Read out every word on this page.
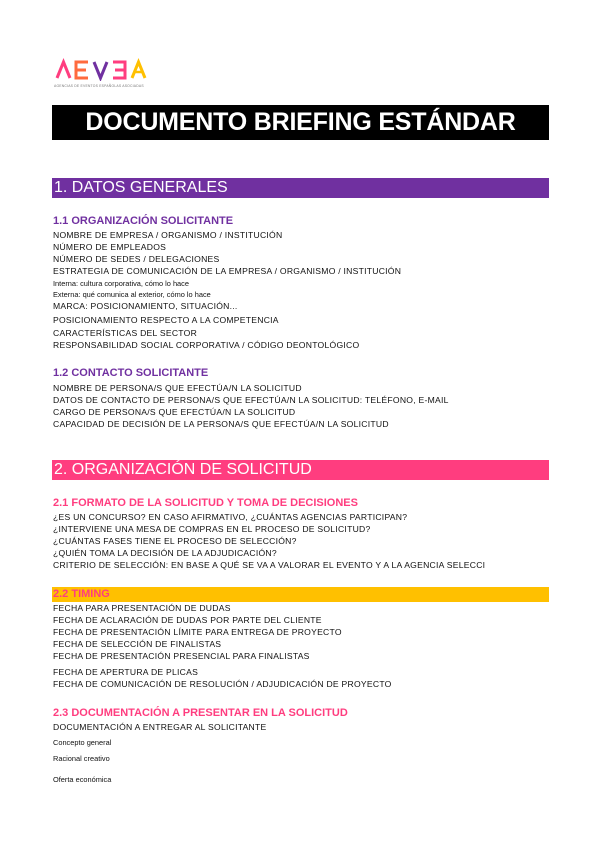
AGENCIAS DE EVENTOS ESPAÑOLAS ASOCIADAS
DOCUMENTO BRIEFING ESTÁNDAR
1. DATOS GENERALES
1.1 ORGANIZACIÓN SOLICITANTE
NOMBRE DE EMPRESA / ORGANISMO / INSTITUCIÓN
NÚMERO DE EMPLEADOS
NÚMERO DE SEDES / DELEGACIONES
ESTRATEGIA DE COMUNICACIÓN DE LA EMPRESA / ORGANISMO / INSTITUCIÓN
Interna: cultura corporativa, cómo lo hace
Externa: qué comunica al exterior, cómo lo hace
MARCA: POSICIONAMIENTO, SITUACIÓN...
POSICIONAMIENTO RESPECTO A LA COMPETENCIA
CARACTERÍSTICAS DEL SECTOR
RESPONSABILIDAD SOCIAL CORPORATIVA / CÓDIGO DEONTOLÓGICO
1.2 CONTACTO SOLICITANTE
NOMBRE DE PERSONA/S QUE EFECTÚA/N LA SOLICITUD
DATOS DE CONTACTO DE PERSONA/S QUE EFECTÚA/N LA SOLICITUD: TELÉFONO, E-MAIL
CARGO DE PERSONA/S QUE EFECTÚA/N LA SOLICITUD
CAPACIDAD DE DECISIÓN DE LA PERSONA/S QUE EFECTÚA/N LA SOLICITUD
2. ORGANIZACIÓN DE SOLICITUD
2.1 FORMATO DE LA SOLICITUD Y TOMA DE DECISIONES
¿ES UN CONCURSO? EN CASO AFIRMATIVO, ¿CUÁNTAS AGENCIAS PARTICIPAN?
¿INTERVIENE UNA MESA DE COMPRAS EN EL PROCESO DE SOLICITUD?
¿CUÁNTAS FASES TIENE EL PROCESO DE SELECCIÓN?
¿QUIÉN TOMA LA DECISIÓN DE LA ADJUDICACIÓN?
CRITERIO DE SELECCIÓN: EN BASE A QUÉ SE VA A VALORAR EL EVENTO Y A LA AGENCIA SELECCI
2.2 TIMING
FECHA PARA PRESENTACIÓN DE DUDAS
FECHA DE ACLARACIÓN DE DUDAS POR PARTE DEL CLIENTE
FECHA DE PRESENTACIÓN LÍMITE PARA ENTREGA DE PROYECTO
FECHA DE SELECCIÓN DE FINALISTAS
FECHA DE PRESENTACIÓN PRESENCIAL PARA FINALISTAS
FECHA DE APERTURA DE PLICAS
FECHA DE COMUNICACIÓN DE RESOLUCIÓN / ADJUDICACIÓN DE PROYECTO
2.3 DOCUMENTACIÓN A PRESENTAR EN LA SOLICITUD
DOCUMENTACIÓN A ENTREGAR AL SOLICITANTE
Concepto general
Racional creativo
Oferta económica
